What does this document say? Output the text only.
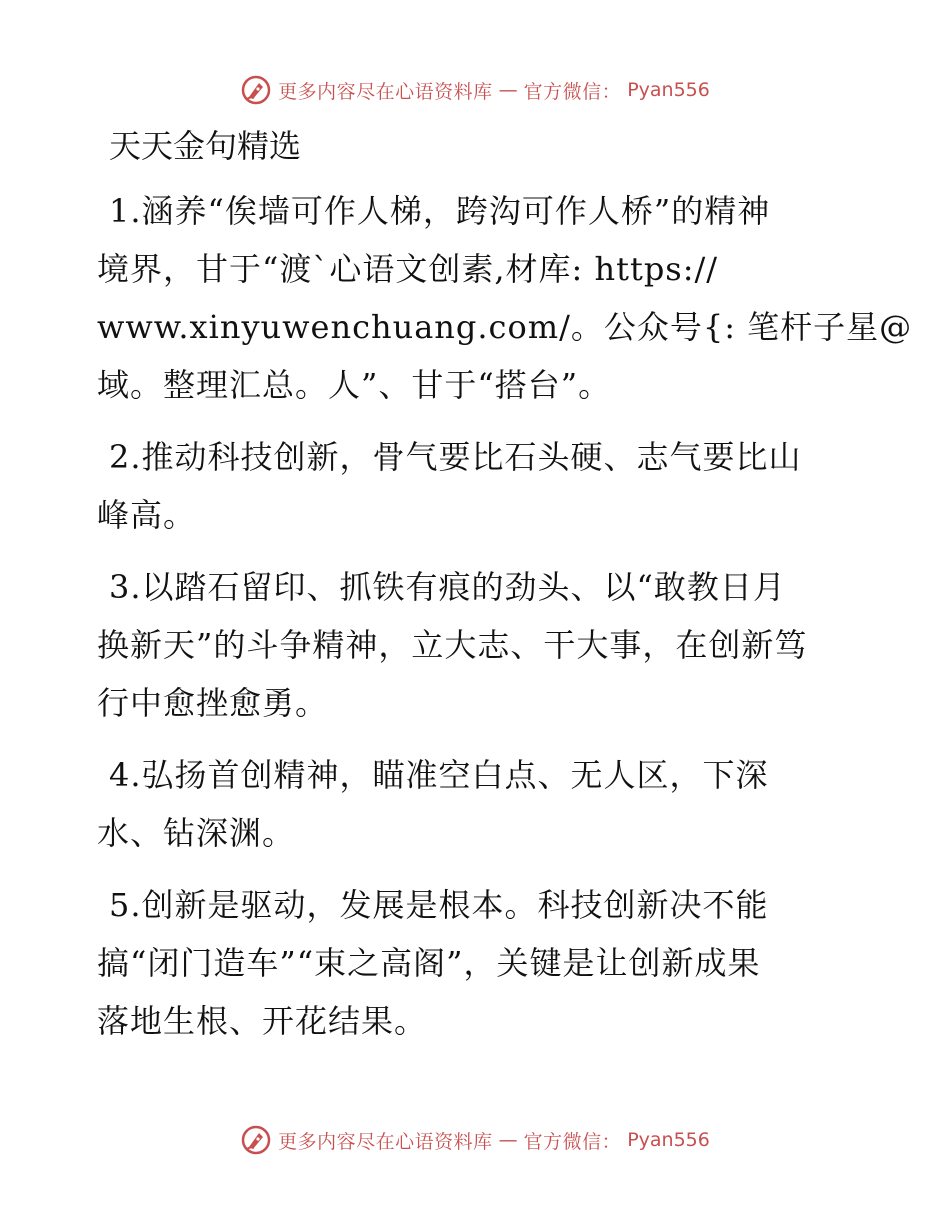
更多内容尽在心语资料库 — 官方微信： Pyan556
天天金句精选
1.涵养“俟墙可作人梯，跨沟可作人桥”的精神
境界，甘于“渡`心语文创素,材库: https://
www.xinyuwenchuang.com/。公众号{: 笔杆子星@
域。整理汇总。人”、甘于“搭台”。
2.推动科技创新，骨气要比石头硬、志气要比山
峰高。
3.以踏石留印、抓铁有痕的劲头、以“敢教日月
换新天”的斗争精神，立大志、干大事，在创新笃
行中愈挫愈勇。
4.弘扬首创精神，瞄准空白点、无人区，下深
水、钻深渊。
5.创新是驱动，发展是根本。科技创新决不能
搞“闭门造车”“束之高阁”，关键是让创新成果
落地生根、开花结果。
更多内容尽在心语资料库 — 官方微信： Pyan556
